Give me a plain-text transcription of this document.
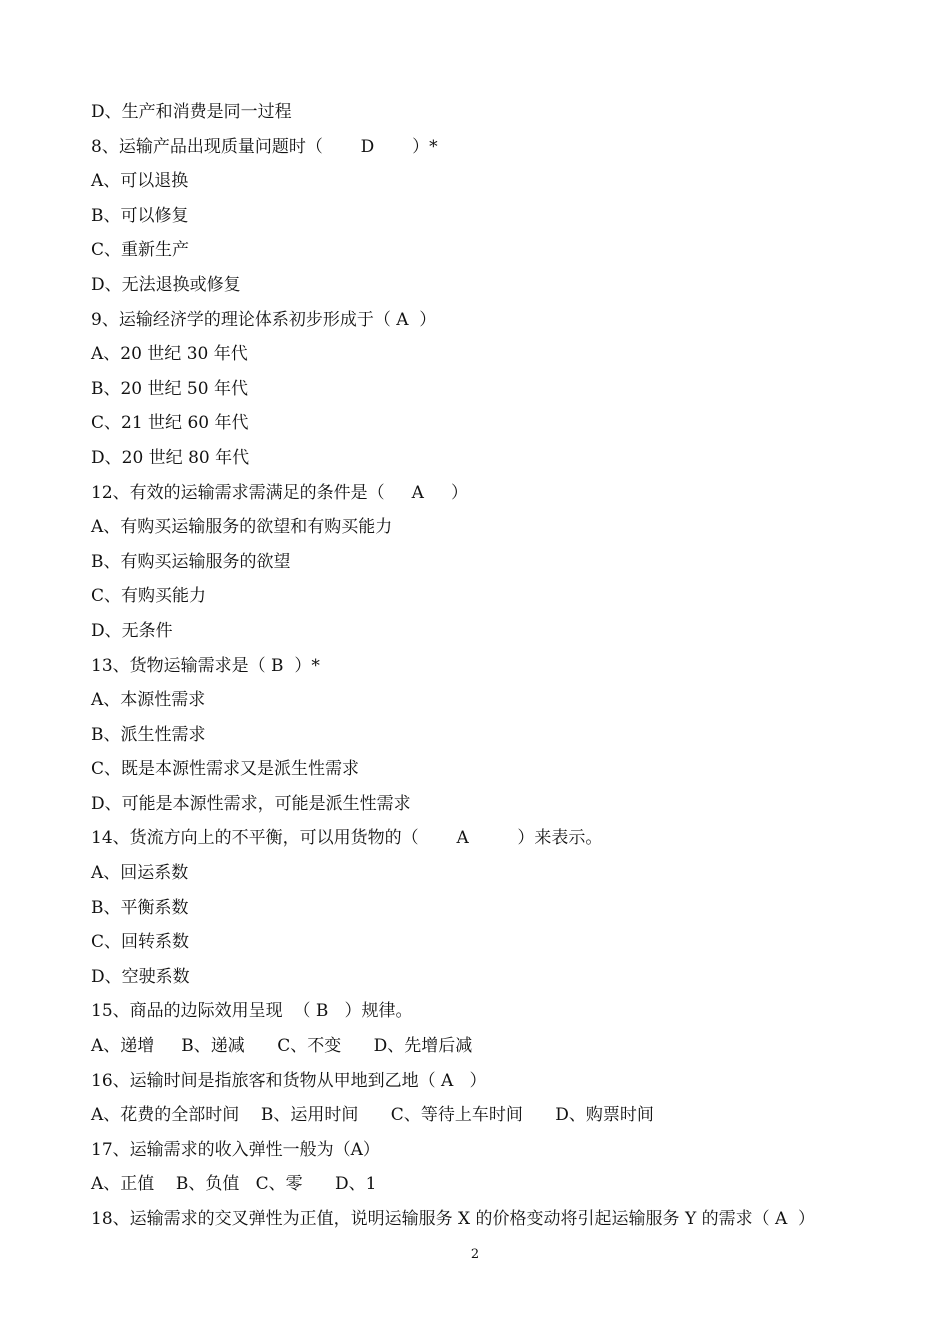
D、生产和消费是同一过程
8、运输产品出现质量问题时（       D       ）*
A、可以退换
B、可以修复
C、重新生产
D、无法退换或修复
9、运输经济学的理论体系初步形成于（ A  ）
A、20 世纪 30 年代
B、20 世纪 50 年代
C、21 世纪 60 年代
D、20 世纪 80 年代
12、有效的运输需求需满足的条件是（     A     ）
A、有购买运输服务的欲望和有购买能力
B、有购买运输服务的欲望
C、有购买能力
D、无条件
13、货物运输需求是（ B  ）*
A、本源性需求
B、派生性需求
C、既是本源性需求又是派生性需求
D、可能是本源性需求，可能是派生性需求
14、货流方向上的不平衡，可以用货物的（       A         ）来表示。
A、回运系数
B、平衡系数
C、回转系数
D、空驶系数
15、商品的边际效用呈现  （ B   ）规律。
A、递增     B、递减      C、不变      D、先增后减
16、运输时间是指旅客和货物从甲地到乙地（ A   ）
A、花费的全部时间    B、运用时间      C、等待上车时间      D、购票时间
17、运输需求的收入弹性一般为（A）
A、正值    B、负值   C、零      D、1
18、运输需求的交叉弹性为正值，说明运输服务 X 的价格变动将引起运输服务 Y 的需求（ A  ）
2
